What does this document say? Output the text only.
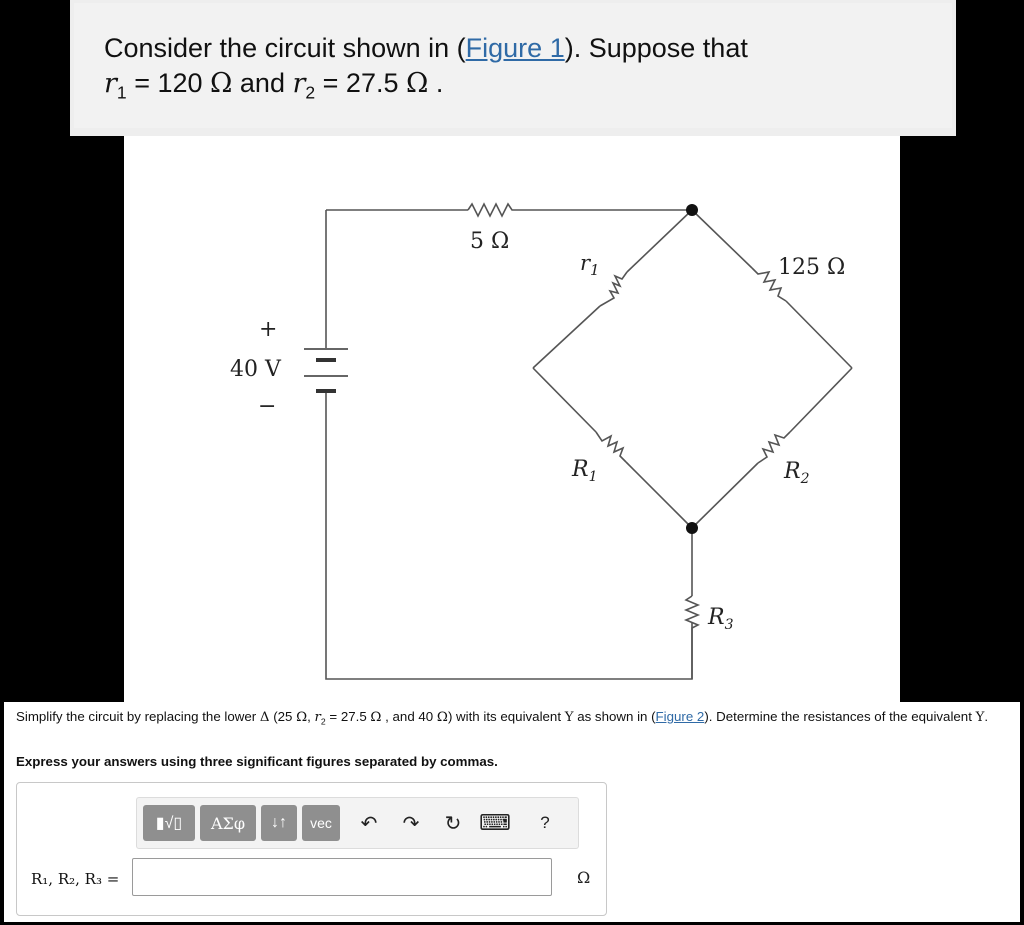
Consider the circuit shown in (Figure 1). Suppose that
$r_1 = 120$ Ω and $r_2 = 27.5$ Ω .
+
−
40 V
5 Ω
$r_1$	125 Ω
$R_1$	$R_2$
$R_3$
Simplify the circuit by replacing the lower Δ (25 Ω, $r_2 = 27.5$ Ω , and 40 Ω) with its equivalent Y as shown in (Figure 2). Determine the resistances of the equivalent Y.
Express your answers using three significant figures separated by commas.
▮√▯	ΑΣφ	↓↑	vec	↶ ↷ ↻ ⌨	?
R₁, R₂, R₃ =	Ω
